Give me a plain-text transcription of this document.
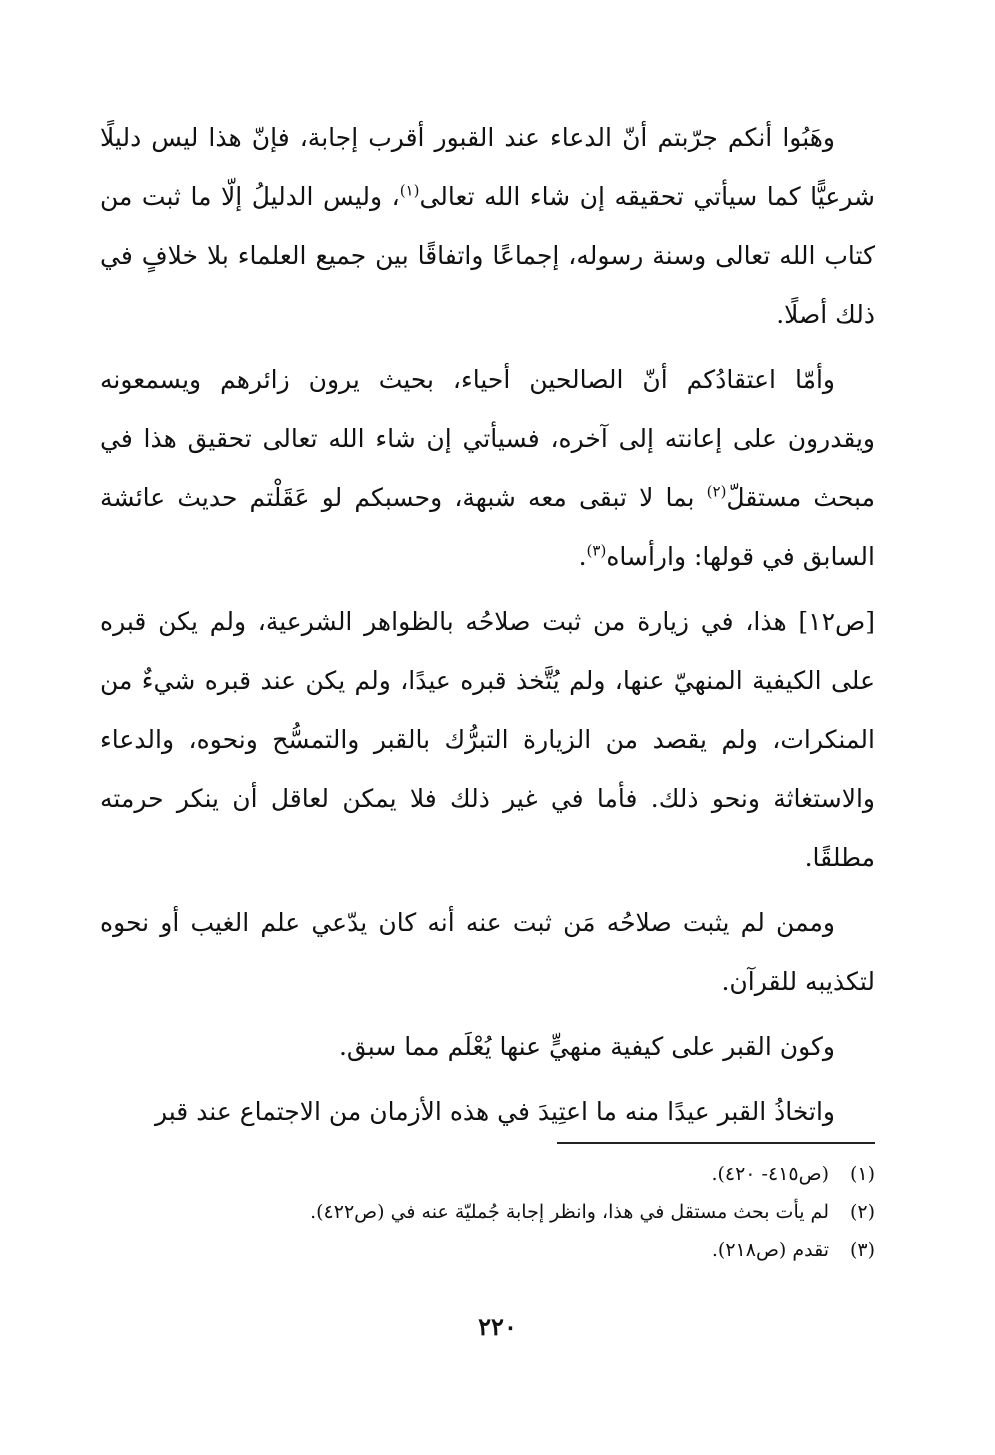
وهَبُوا أنكم جرّبتم أنّ الدعاء عند القبور أقرب إجابة، فإنّ هذا ليس دليلًا شرعيًّا كما سيأتي تحقيقه إن شاء الله تعالى$^{(١)}$، وليس الدليلُ إلّا ما ثبت من كتاب الله تعالى وسنة رسوله، إجماعًا واتفاقًا بين جميع العلماء بلا خلافٍ في ذلك أصلًا.

وأمّا اعتقادُكم أنّ الصالحين أحياء، بحيث يرون زائرهم ويسمعونه ويقدرون على إعانته إلى آخره، فسيأتي إن شاء الله تعالى تحقيق هذا في مبحث مستقلّ$^{(٢)}$ بما لا تبقى معه شبهة، وحسبكم لو عَقَلْتم حديث عائشة السابق في قولها: وارأساه$^{(٣)}$.

[ص١٢] هذا، في زيارة من ثبت صلاحُه بالظواهر الشرعية، ولم يكن قبره على الكيفية المنهيّ عنها، ولم يُتَّخذ قبره عيدًا، ولم يكن عند قبره شيءٌ من المنكرات، ولم يقصد من الزيارة التبرُّك بالقبر والتمسُّح ونحوه، والدعاء والاستغاثة ونحو ذلك. فأما في غير ذلك فلا يمكن لعاقل أن ينكر حرمته مطلقًا.

وممن لم يثبت صلاحُه مَن ثبت عنه أنه كان يدّعي علم الغيب أو نحوه لتكذيبه للقرآن.

وكون القبر على كيفية منهيٍّ عنها يُعْلَم مما سبق.

واتخاذُ القبر عيدًا منه ما اعتِيدَ في هذه الأزمان من الاجتماع عند قبر

(١)
(ص٤١٥- ٤٢٠).
(٢)
لم يأت بحث مستقل في هذا، وانظر إجابة جُمليّة عنه في (ص٤٢٢).
(٣)
تقدم (ص٢١٨).
٢٢٠
